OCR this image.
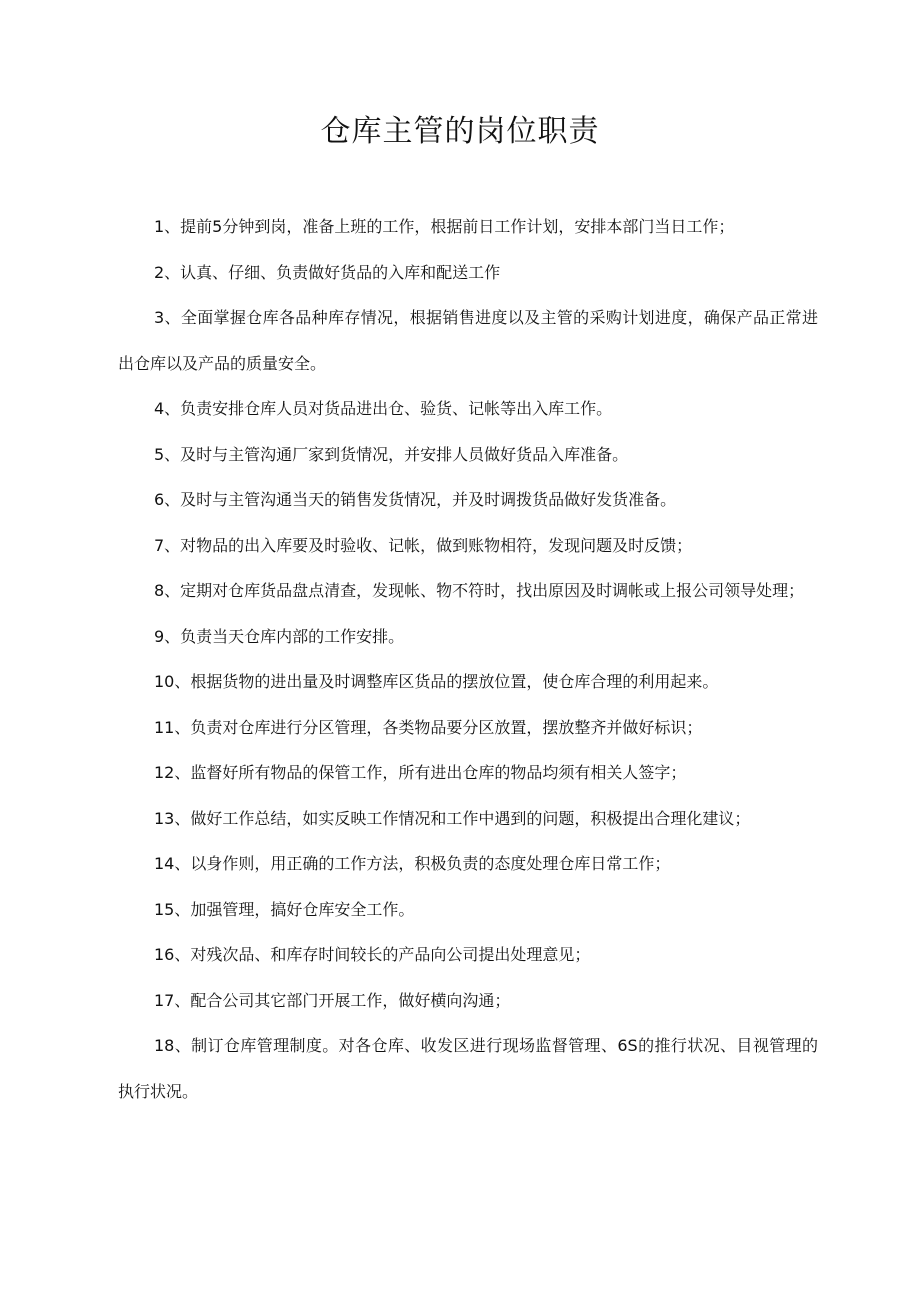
仓库主管的岗位职责
1、提前5分钟到岗，准备上班的工作，根据前日工作计划，安排本部门当日工作；
2、认真、仔细、负责做好货品的入库和配送工作
3、全面掌握仓库各品种库存情况，根据销售进度以及主管的采购计划进度，确保产品正常进出仓库以及产品的质量安全。
4、负责安排仓库人员对货品进出仓、验货、记帐等出入库工作。
5、及时与主管沟通厂家到货情况，并安排人员做好货品入库准备。
6、及时与主管沟通当天的销售发货情况，并及时调拨货品做好发货准备。
7、对物品的出入库要及时验收、记帐，做到账物相符，发现问题及时反馈；
8、定期对仓库货品盘点清查，发现帐、物不符时，找出原因及时调帐或上报公司领导处理；
9、负责当天仓库内部的工作安排。
10、根据货物的进出量及时调整库区货品的摆放位置，使仓库合理的利用起来。
11、负责对仓库进行分区管理，各类物品要分区放置，摆放整齐并做好标识；
12、监督好所有物品的保管工作，所有进出仓库的物品均须有相关人签字；
13、做好工作总结，如实反映工作情况和工作中遇到的问题，积极提出合理化建议；
14、以身作则，用正确的工作方法，积极负责的态度处理仓库日常工作；
15、加强管理，搞好仓库安全工作。
16、对残次品、和库存时间较长的产品向公司提出处理意见；
17、配合公司其它部门开展工作，做好横向沟通；
18、制订仓库管理制度。对各仓库、收发区进行现场监督管理、6S的推行状况、目视管理的执行状况。
